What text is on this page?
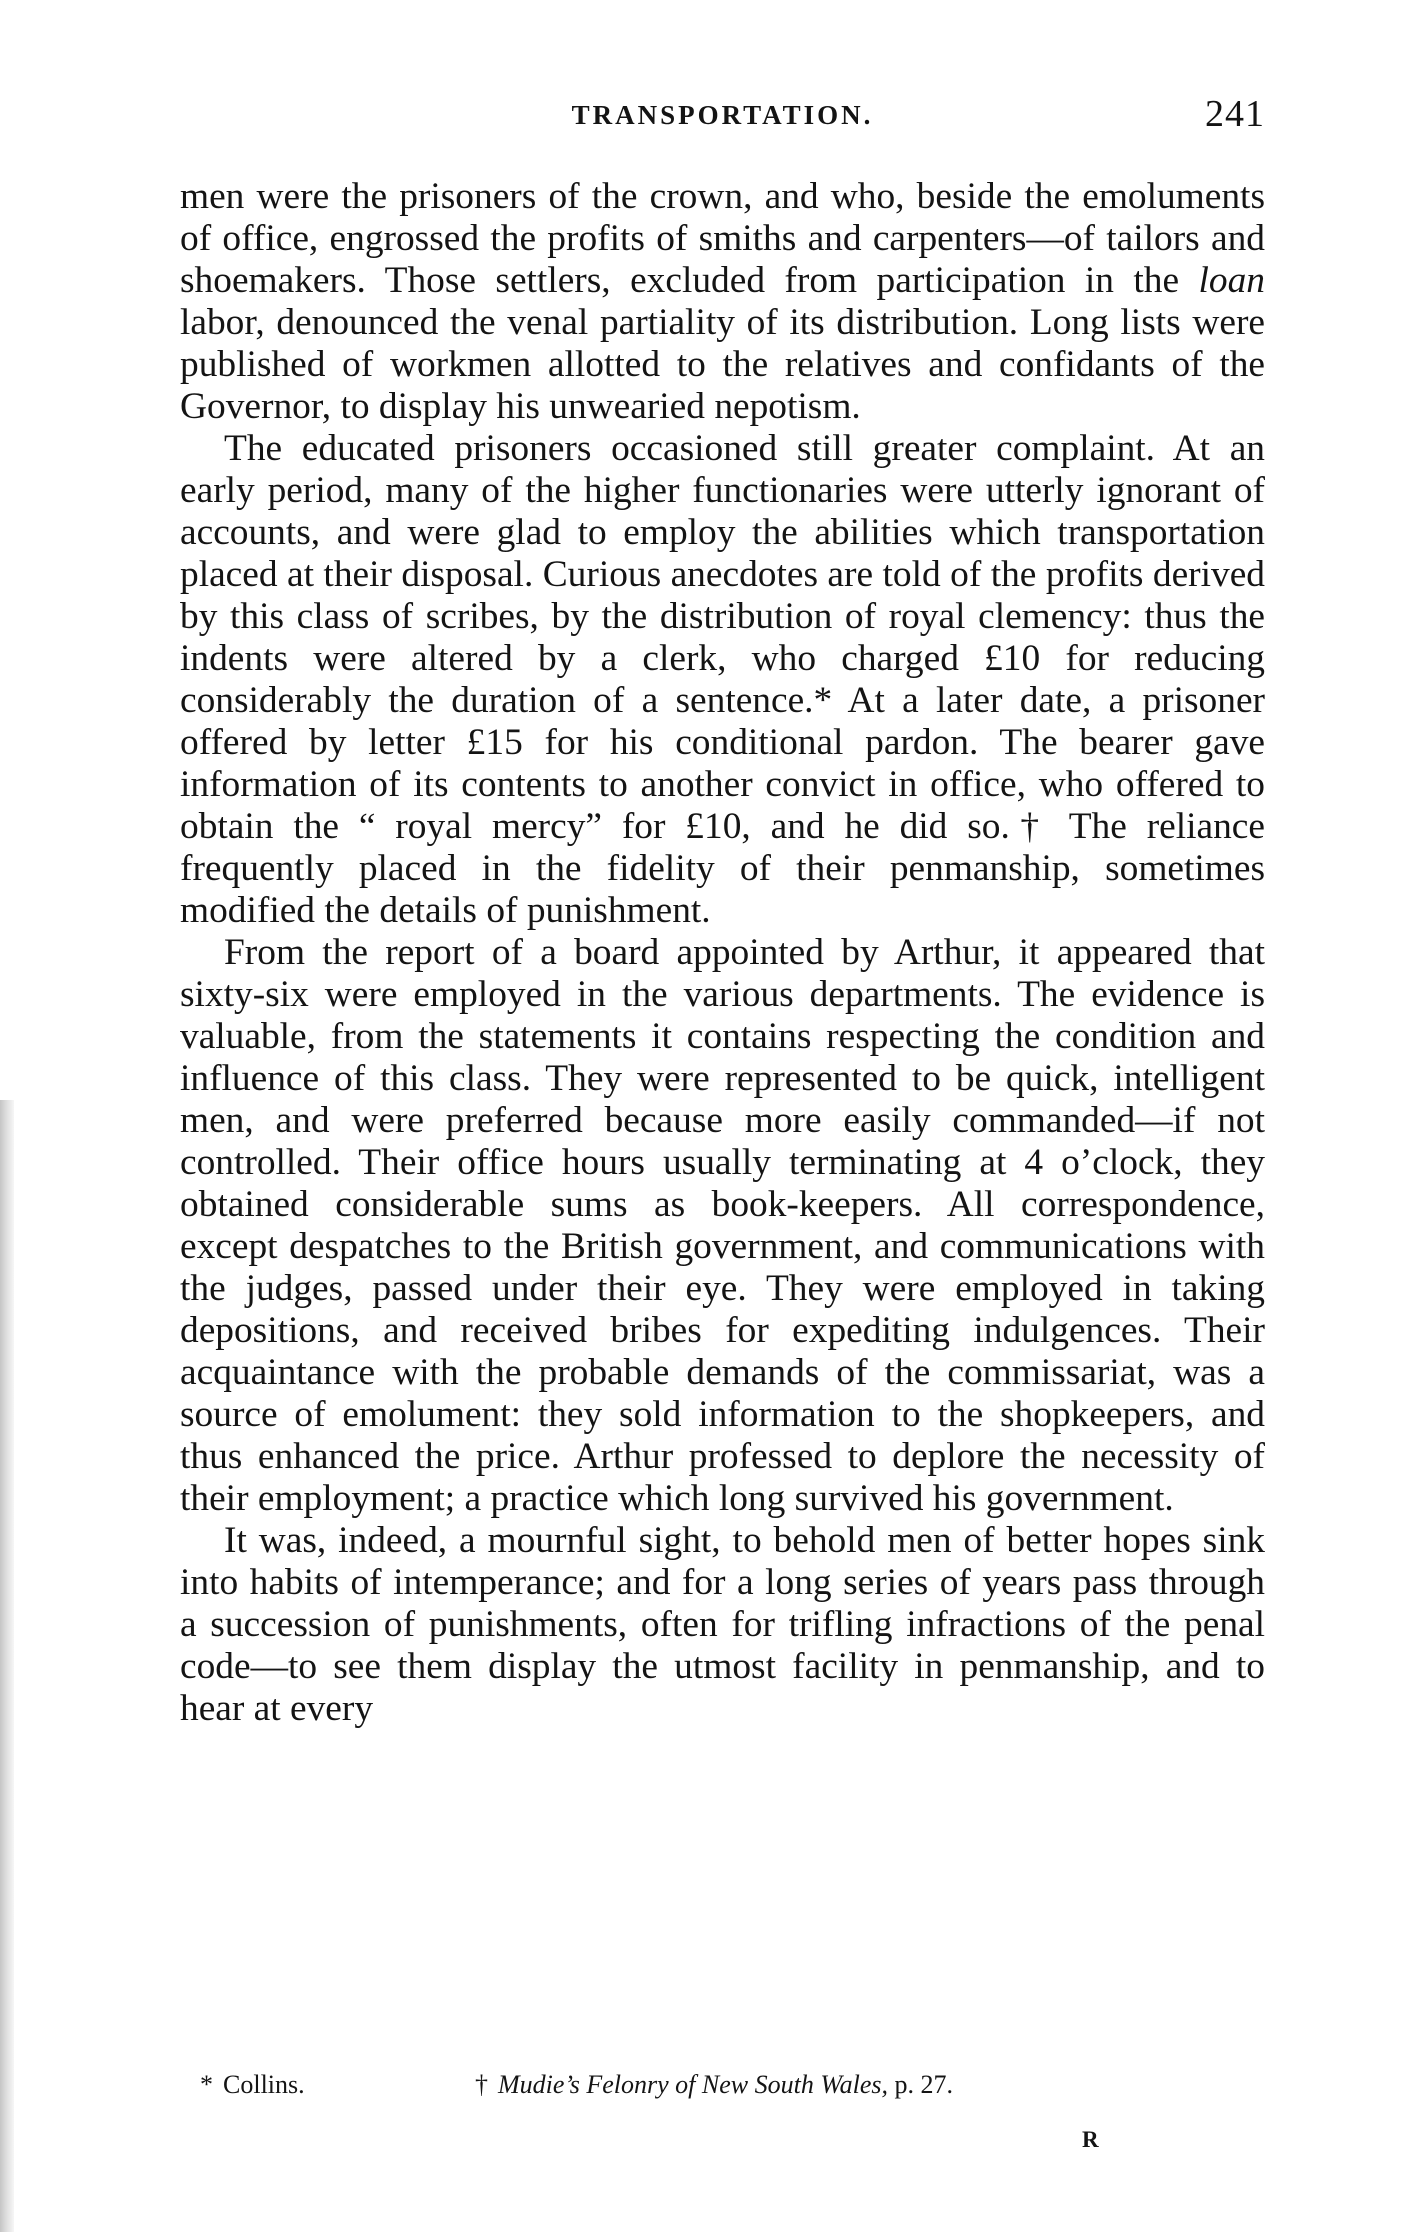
TRANSPORTATION.	241

men were the prisoners of the crown, and who, beside the emoluments of office, engrossed the profits of smiths and carpenters—of tailors and shoemakers. Those settlers, excluded from participation in the loan labor, denounced the venal partiality of its distribution. Long lists were published of workmen allotted to the relatives and confidants of the Governor, to display his unwearied nepotism.

The educated prisoners occasioned still greater complaint. At an early period, many of the higher functionaries were utterly ignorant of accounts, and were glad to employ the abilities which transportation placed at their disposal. Curious anecdotes are told of the profits derived by this class of scribes, by the distribution of royal clemency: thus the indents were altered by a clerk, who charged £10 for reducing considerably the duration of a sentence.* At a later date, a prisoner offered by letter £15 for his conditional pardon. The bearer gave information of its contents to another convict in office, who offered to obtain the “ royal mercy” for £10, and he did so.† The reliance frequently placed in the fidelity of their penmanship, sometimes modified the details of punishment.

From the report of a board appointed by Arthur, it appeared that sixty-six were employed in the various departments. The evidence is valuable, from the statements it contains respecting the condition and influence of this class. They were represented to be quick, intelligent men, and were preferred because more easily commanded—if not controlled. Their office hours usually terminating at 4 o’clock, they obtained considerable sums as book-keepers. All correspondence, except despatches to the British government, and communications with the judges, passed under their eye. They were employed in taking depositions, and received bribes for expediting indulgences. Their acquaintance with the probable demands of the commissariat, was a source of emolument: they sold information to the shopkeepers, and thus enhanced the price. Arthur professed to deplore the necessity of their employment; a practice which long survived his government.

It was, indeed, a mournful sight, to behold men of better hopes sink into habits of intemperance; and for a long series of years pass through a succession of punishments, often for trifling infractions of the penal code—to see them display the utmost facility in penmanship, and to hear at every

* Collins.	† Mudie’s Felonry of New South Wales, p. 27.
R
